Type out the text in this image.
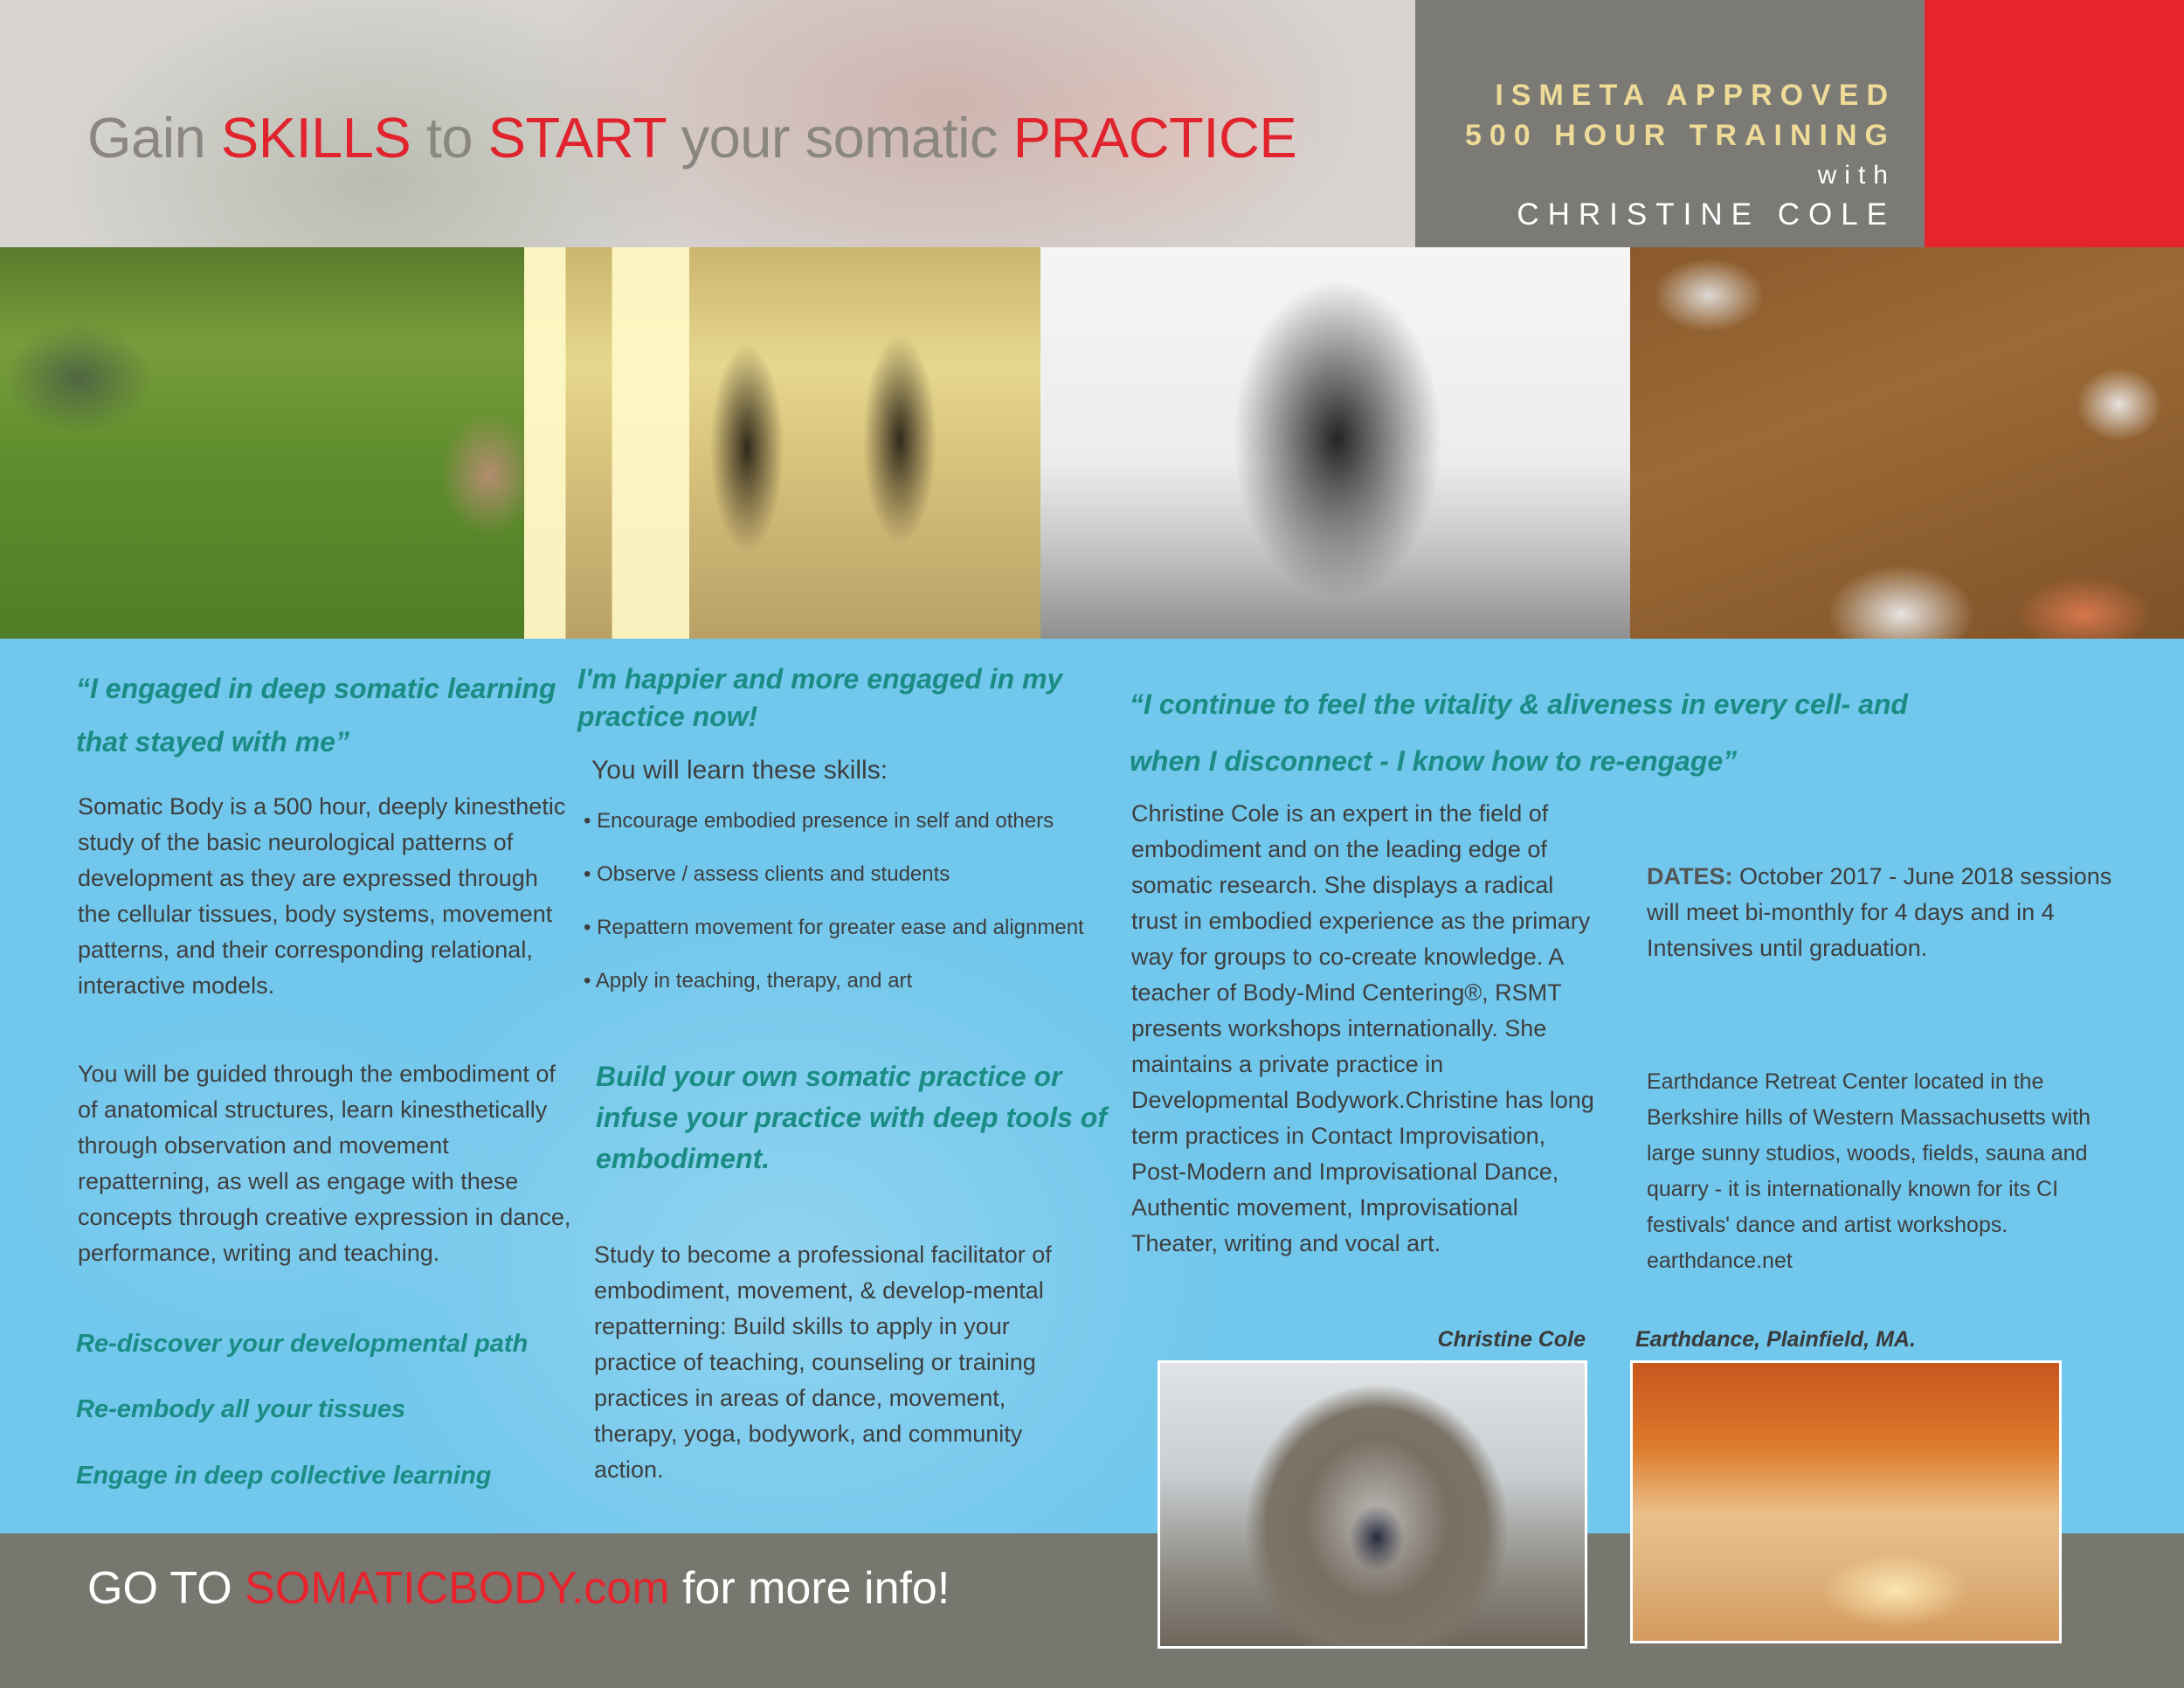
Gain SKILLS to START your somatic PRACTICE
ISMETA APPROVED
500 HOUR TRAINING
with
CHRISTINE COLE
“I engaged in deep somatic learning that stayed with me”
Somatic Body is a 500 hour, deeply kinesthetic study of the basic neurological patterns of development as they are expressed through the cellular tissues, body systems, movement patterns, and their corresponding relational, interactive models.
You will be guided through the embodiment of of anatomical structures, learn kinesthetically through observation and movement repatterning, as well as engage with these concepts through creative expression in dance, performance, writing and teaching.
Re-discover your developmental path
Re-embody all your tissues
Engage in deep collective learning
I'm happier and more engaged in my practice now!
You will learn these skills:
• Encourage embodied presence in self and others
• Observe / assess clients and students
• Repattern movement for greater ease and alignment
• Apply in teaching, therapy, and art
Build your own somatic practice or infuse your practice with deep tools of embodiment.
Study to become a professional facilitator of embodiment, movement, & develop-mental repatterning: Build skills to apply in your practice of teaching, counseling or training practices in areas of dance, movement, therapy, yoga, bodywork, and community action.
“I continue to feel the vitality & aliveness in every cell- and when I disconnect - I know how to re-engage”
Christine Cole is an expert in the field of embodiment and on the leading edge of somatic research. She displays a radical trust in embodied experience as the primary way for groups to co-create knowledge. A teacher of Body-Mind Centering®, RSMT presents workshops internationally. She maintains a private practice in Developmental Bodywork.Christine has long term practices in Contact Improvisation, Post-Modern and Improvisational Dance, Authentic movement, Improvisational Theater, writing and vocal art.
DATES: October 2017 - June 2018 sessions will meet bi-monthly for 4 days and in 4 Intensives until graduation.
Earthdance Retreat Center located in the Berkshire hills of Western Massachusetts with large sunny studios, woods, fields, sauna and quarry - it is internationally known for its CI festivals' dance and artist workshops. earthdance.net
Christine Cole Earthdance, Plainfield, MA.
GO TO SOMATICBODY.com for more info!
